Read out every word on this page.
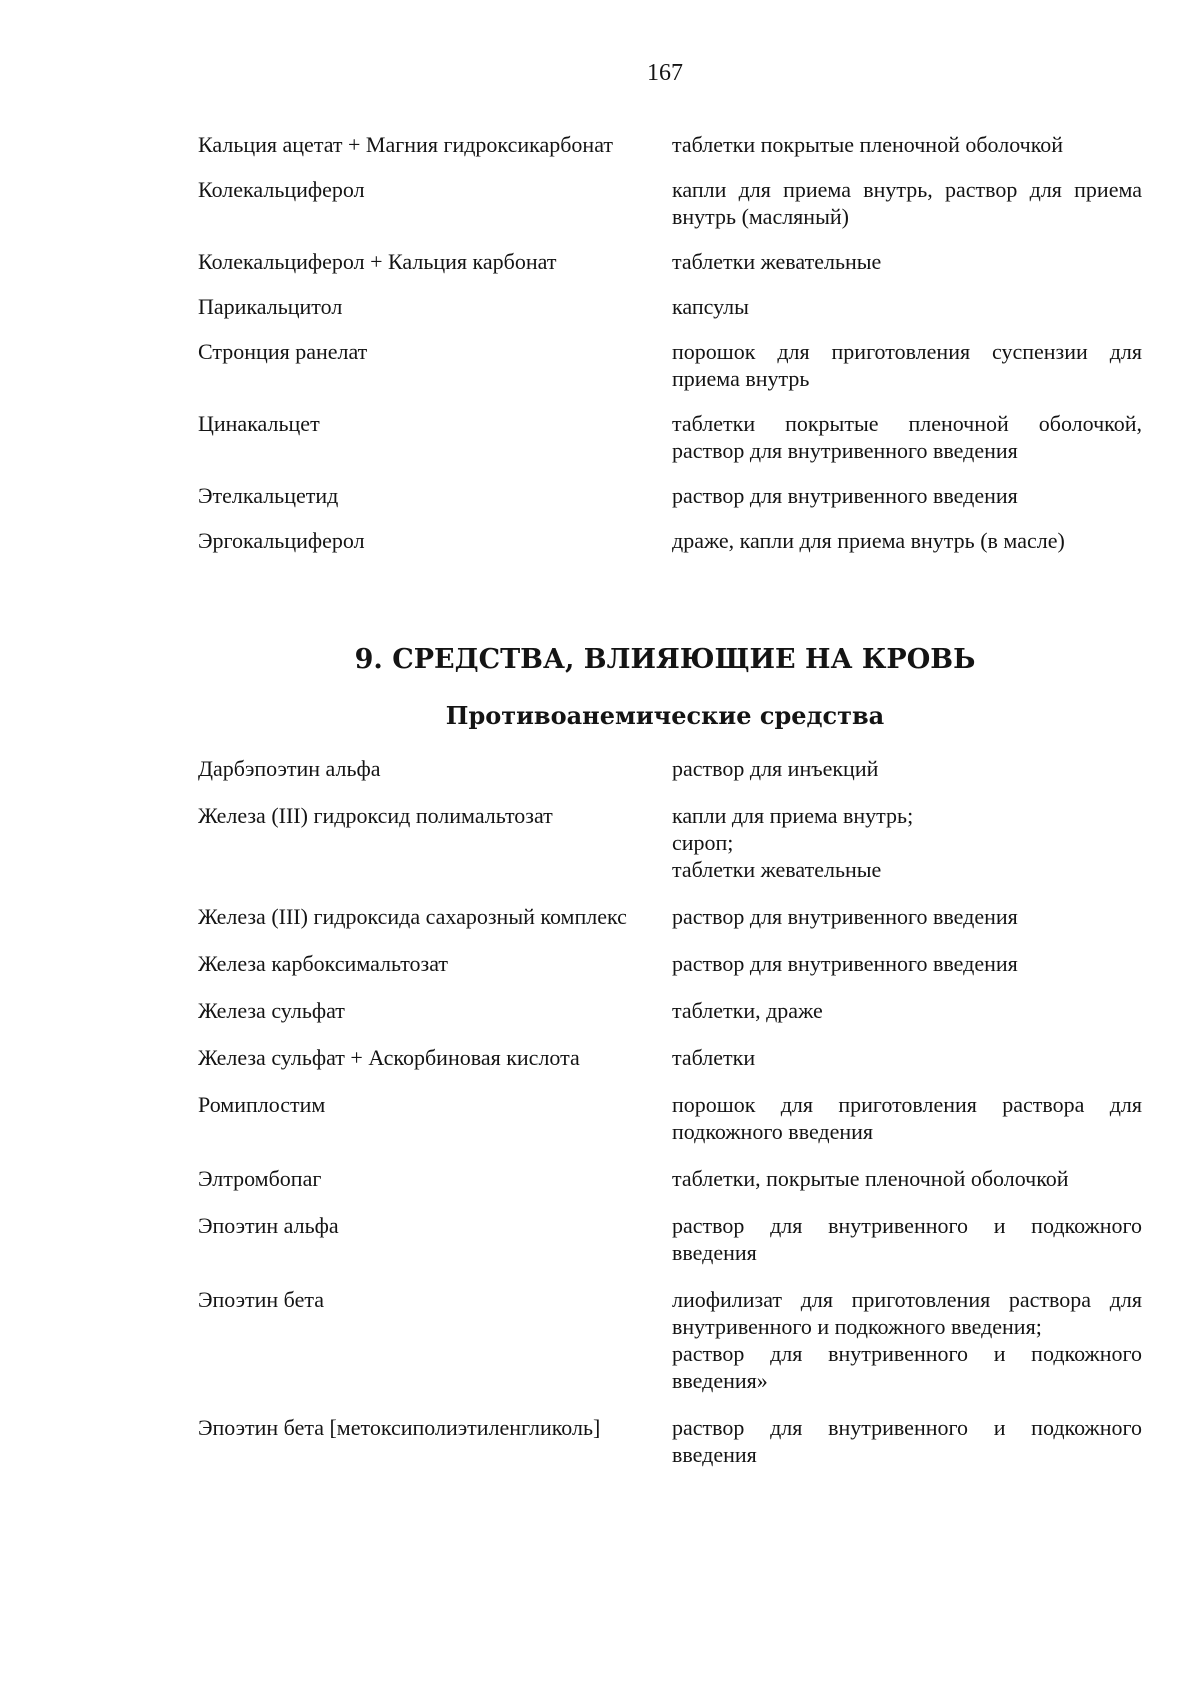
167
Кальция ацетат + Магния гидроксикарбонат	таблетки покрытые пленочной оболочкой
Колекальциферол	капли для приема внутрь, раствор для приема внутрь (масляный)
Колекальциферол + Кальция карбонат	таблетки жевательные
Парикальцитол	капсулы
Стронция ранелат	порошок для приготовления суспензии для приема внутрь
Цинакальцет	таблетки покрытые пленочной оболочкой, раствор для внутривенного введения
Этелкальцетид	раствор для внутривенного введения
Эргокальциферол	драже, капли для приема внутрь (в масле)
9. СРЕДСТВА, ВЛИЯЮЩИЕ НА КРОВЬ
Противоанемические средства
Дарбэпоэтин альфа	раствор для инъекций
Железа (III) гидроксид полимальтозат	капли для приема внутрь;
сироп;
таблетки жевательные
Железа (III) гидроксида сахарозный комплекс	раствор для внутривенного введения
Железа карбоксимальтозат	раствор для внутривенного введения
Железа сульфат	таблетки, драже
Железа сульфат + Аскорбиновая кислота	таблетки
Ромиплостим	порошок для приготовления раствора для подкожного введения
Элтромбопаг	таблетки, покрытые пленочной оболочкой
Эпоэтин альфа	раствор для внутривенного и подкожного введения
Эпоэтин бета	лиофилизат для приготовления раствора для внутривенного и подкожного введения;
раствор для внутривенного и подкожного введения»
Эпоэтин бета [метоксиполиэтиленгликоль]	раствор для внутривенного и подкожного введения
